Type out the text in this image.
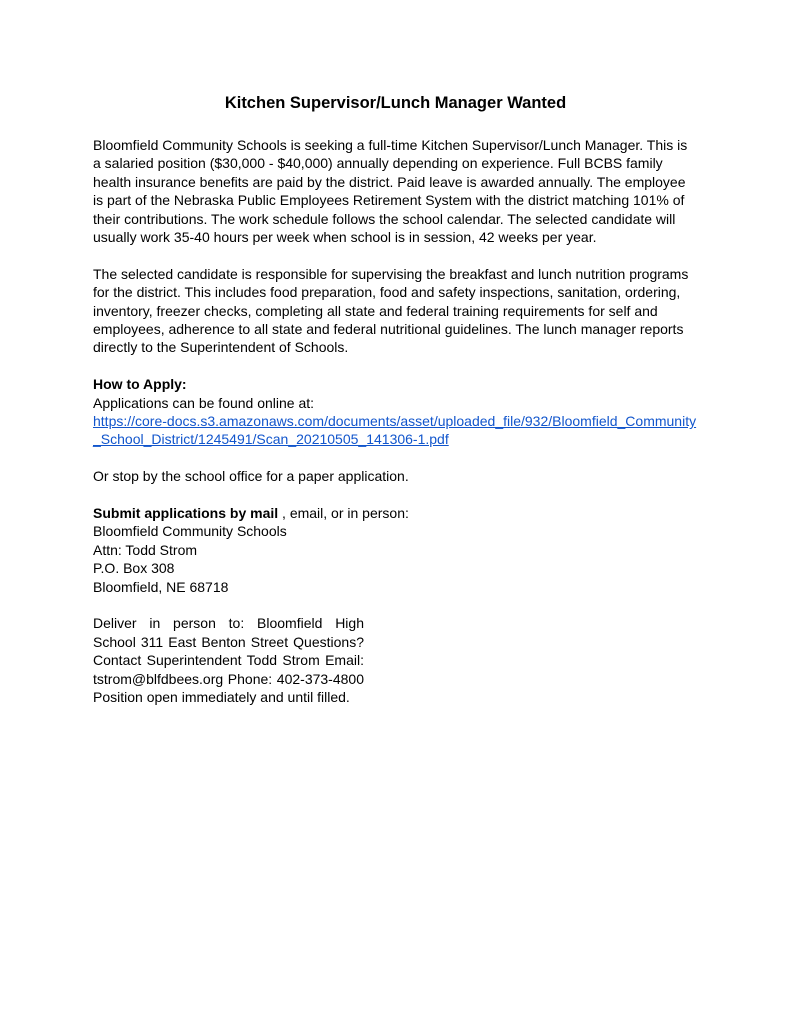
Kitchen Supervisor/Lunch Manager Wanted

Bloomfield Community Schools is seeking a full-time Kitchen Supervisor/Lunch Manager. This is a salaried position ($30,000 - $40,000) annually depending on experience. Full BCBS family health insurance benefits are paid by the district. Paid leave is awarded annually. The employee is part of the Nebraska Public Employees Retirement System with the district matching 101% of their contributions. The work schedule follows the school calendar. The selected candidate will usually work 35-40 hours per week when school is in session, 42 weeks per year.

The selected candidate is responsible for supervising the breakfast and lunch nutrition programs for the district. This includes food preparation, food and safety inspections, sanitation, ordering, inventory, freezer checks, completing all state and federal training requirements for self and employees, adherence to all state and federal nutritional guidelines. The lunch manager reports directly to the Superintendent of Schools.

How to Apply:

Applications can be found online at:

https://core-docs.s3.amazonaws.com/documents/asset/uploaded_file/932/Bloomfield_Community_School_District/1245491/Scan_20210505_141306-1.pdf

Or stop by the school office for a paper application.

Submit applications by mail , email, or in person:

Bloomfield Community Schools

Attn: Todd Strom

P.O. Box 308

Bloomfield, NE 68718

Deliver in person to: Bloomfield High School 311 East Benton Street Questions? Contact Superintendent Todd Strom Email: tstrom@blfdbees.org Phone: 402-373-4800 Position open immediately and until filled.
